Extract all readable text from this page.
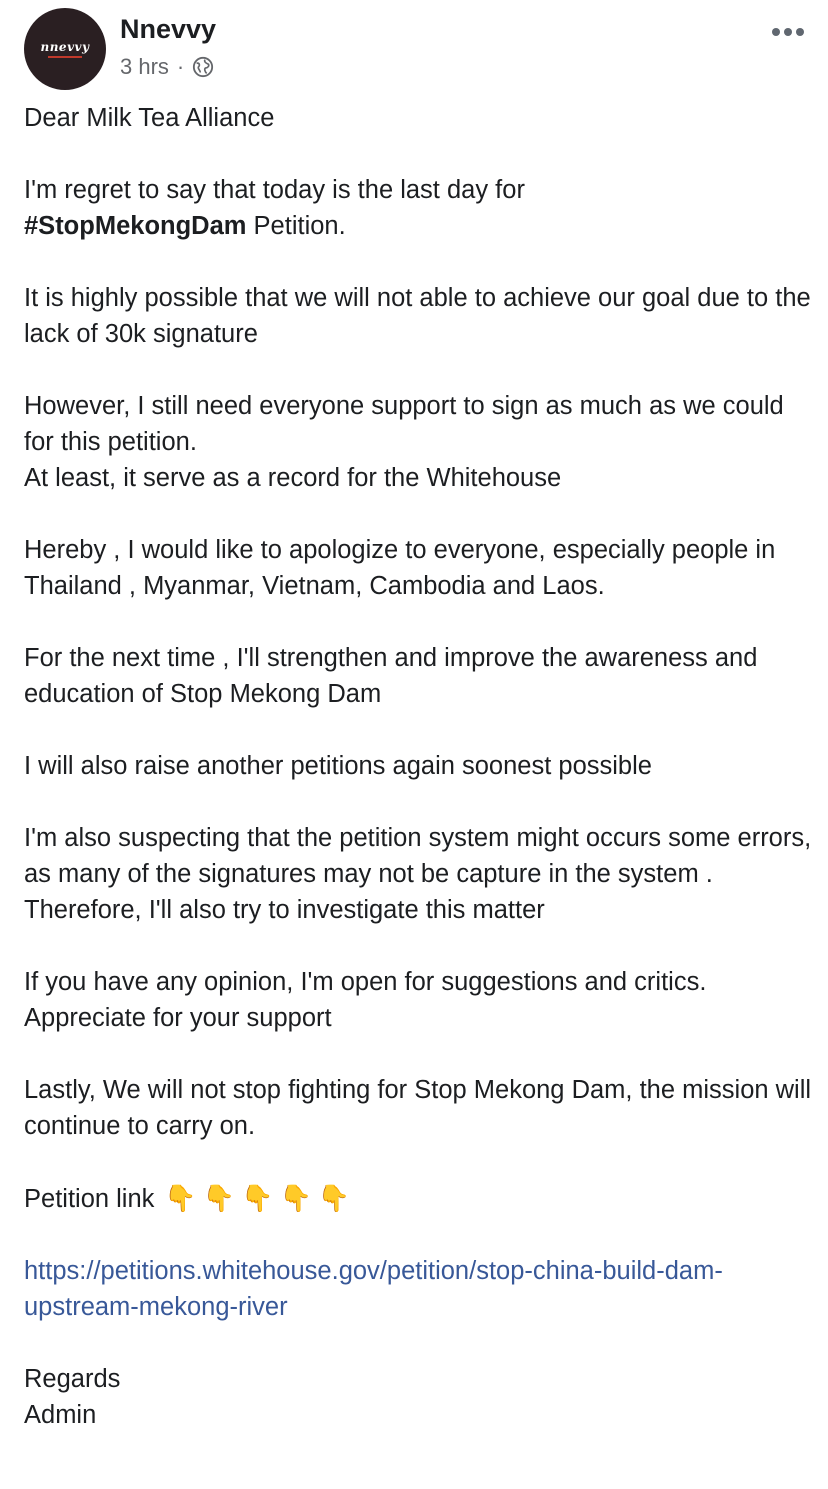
nnevvy
Nnevvy
3 hrs ·

Dear Milk Tea Alliance

I'm regret to say that today is the last day for
#StopMekongDam Petition.

It is highly possible that we will not able to achieve our goal due to the lack of 30k signature

However, I still need everyone support to sign as much as we could for this petition.
At least, it serve as a record for the Whitehouse

Hereby , I would like to apologize to everyone, especially people in Thailand , Myanmar, Vietnam, Cambodia and Laos.

For the next time , I'll strengthen and improve the awareness and education of Stop Mekong Dam

I will also raise another petitions again soonest possible

I'm also suspecting that the petition system might occurs some errors, as many of the signatures may not be capture in the system . Therefore, I'll also try to investigate this matter

If you have any opinion, I'm open for suggestions and critics.
Appreciate for your support

Lastly, We will not stop fighting for Stop Mekong Dam, the mission will continue to carry on.

Petition link 👇👇👇👇👇

https://petitions.whitehouse.gov/petition/stop-china-build-dam-upstream-mekong-river

Regards
Admin
